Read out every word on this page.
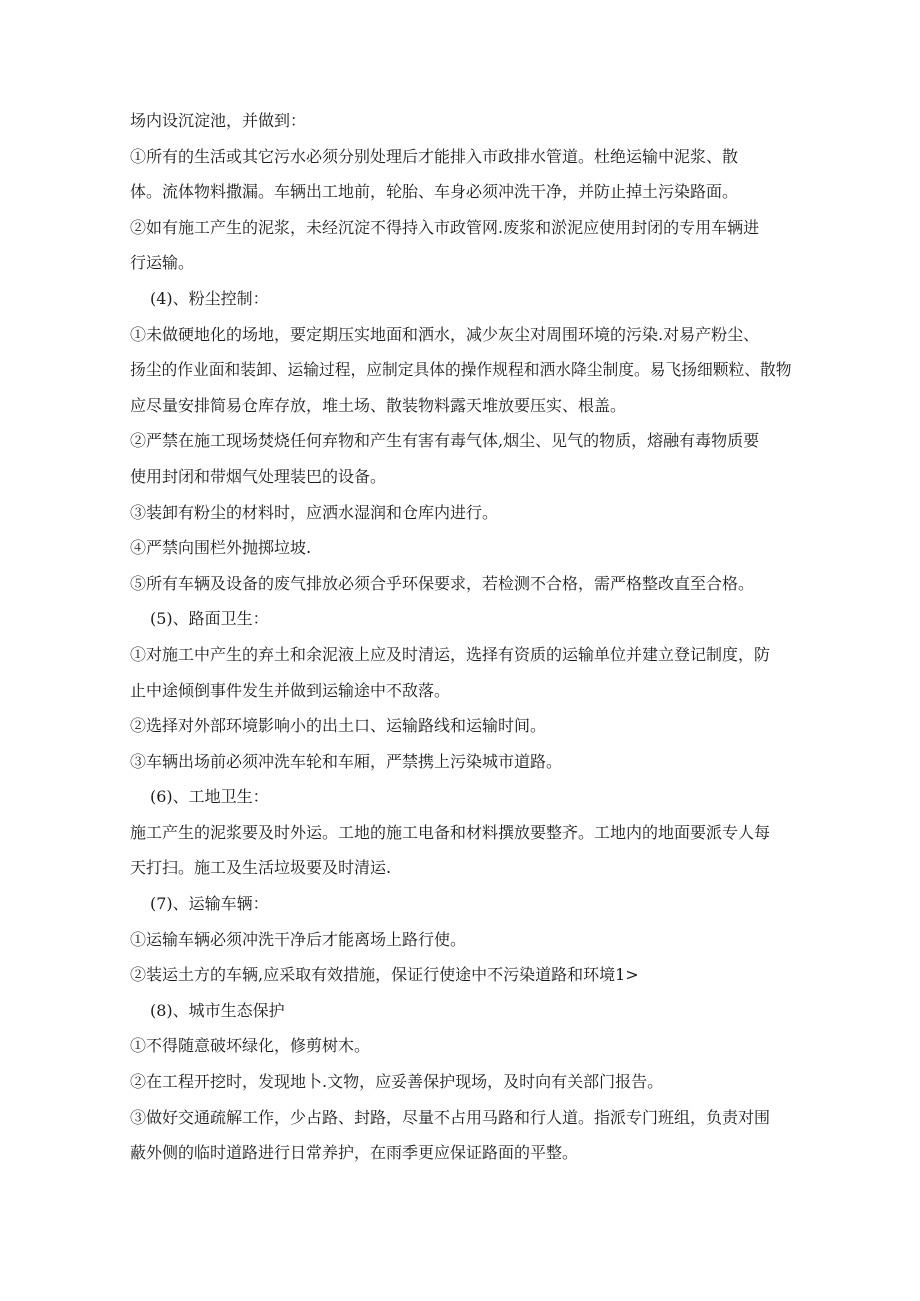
场内设沉淀池，并做到：

①所有的生活或其它污水必须分别处理后才能排入市政排水管道。杜绝运输中泥浆、散

体。流体物料撒漏。车辆出工地前，轮胎、车身必须冲洗干净，并防止掉土污染路面。

②如有施工产生的泥浆，未经沉淀不得持入市政管网.废浆和淤泥应使用封闭的专用车辆进

行运输。

(4)、粉尘控制：

①未做硬地化的场地，要定期压实地面和洒水，减少灰尘对周围环境的污染.对易产粉尘、

扬尘的作业面和装卸、运输过程，应制定具体的操作规程和洒水降尘制度。易飞扬细颗粒、散物

应尽量安排简易仓库存放，堆土场、散装物料露天堆放要压实、根盖。

②严禁在施工现场焚烧任何弃物和产生有害有毒气体,烟尘、见气的物质，熔融有毒物质要

使用封闭和带烟气处理装巴的设备。

③装卸有粉尘的材料时，应洒水湿润和仓库内进行。

④严禁向围栏外抛掷垃坡.

⑤所有车辆及设备的废气排放必须合乎环保要求，若检测不合格，需严格整改直至合格。

(5)、路面卫生：

①对施工中产生的弃土和余泥液上应及时清运，选择有资质的运输单位并建立登记制度，防

止中途倾倒事件发生并做到运输途中不敌落。

②选择对外部环境影响小的出土口、运输路线和运输时间。

③车辆出场前必须冲洗车轮和车厢，严禁携上污染城市道路。

(6)、工地卫生：

施工产生的泥浆要及时外运。工地的施工电备和材料撰放要整齐。工地内的地面要派专人每

天打扫。施工及生活垃圾要及时清运.

(7)、运输车辆：

①运输车辆必须冲洗干净后才能离场上路行使。

②装运土方的车辆,应采取有效措施，保证行使途中不污染道路和环境1>

(8)、城市生态保护

①不得随意破坏绿化，修剪树木。

②在工程开挖时，发现地卜.文物，应妥善保护现场，及时向有关部门报告。

③做好交通疏解工作，少占路、封路，尽量不占用马路和行人道。指派专门班组，负责对围

蔽外侧的临时道路进行日常养护，在雨季更应保证路面的平整。
